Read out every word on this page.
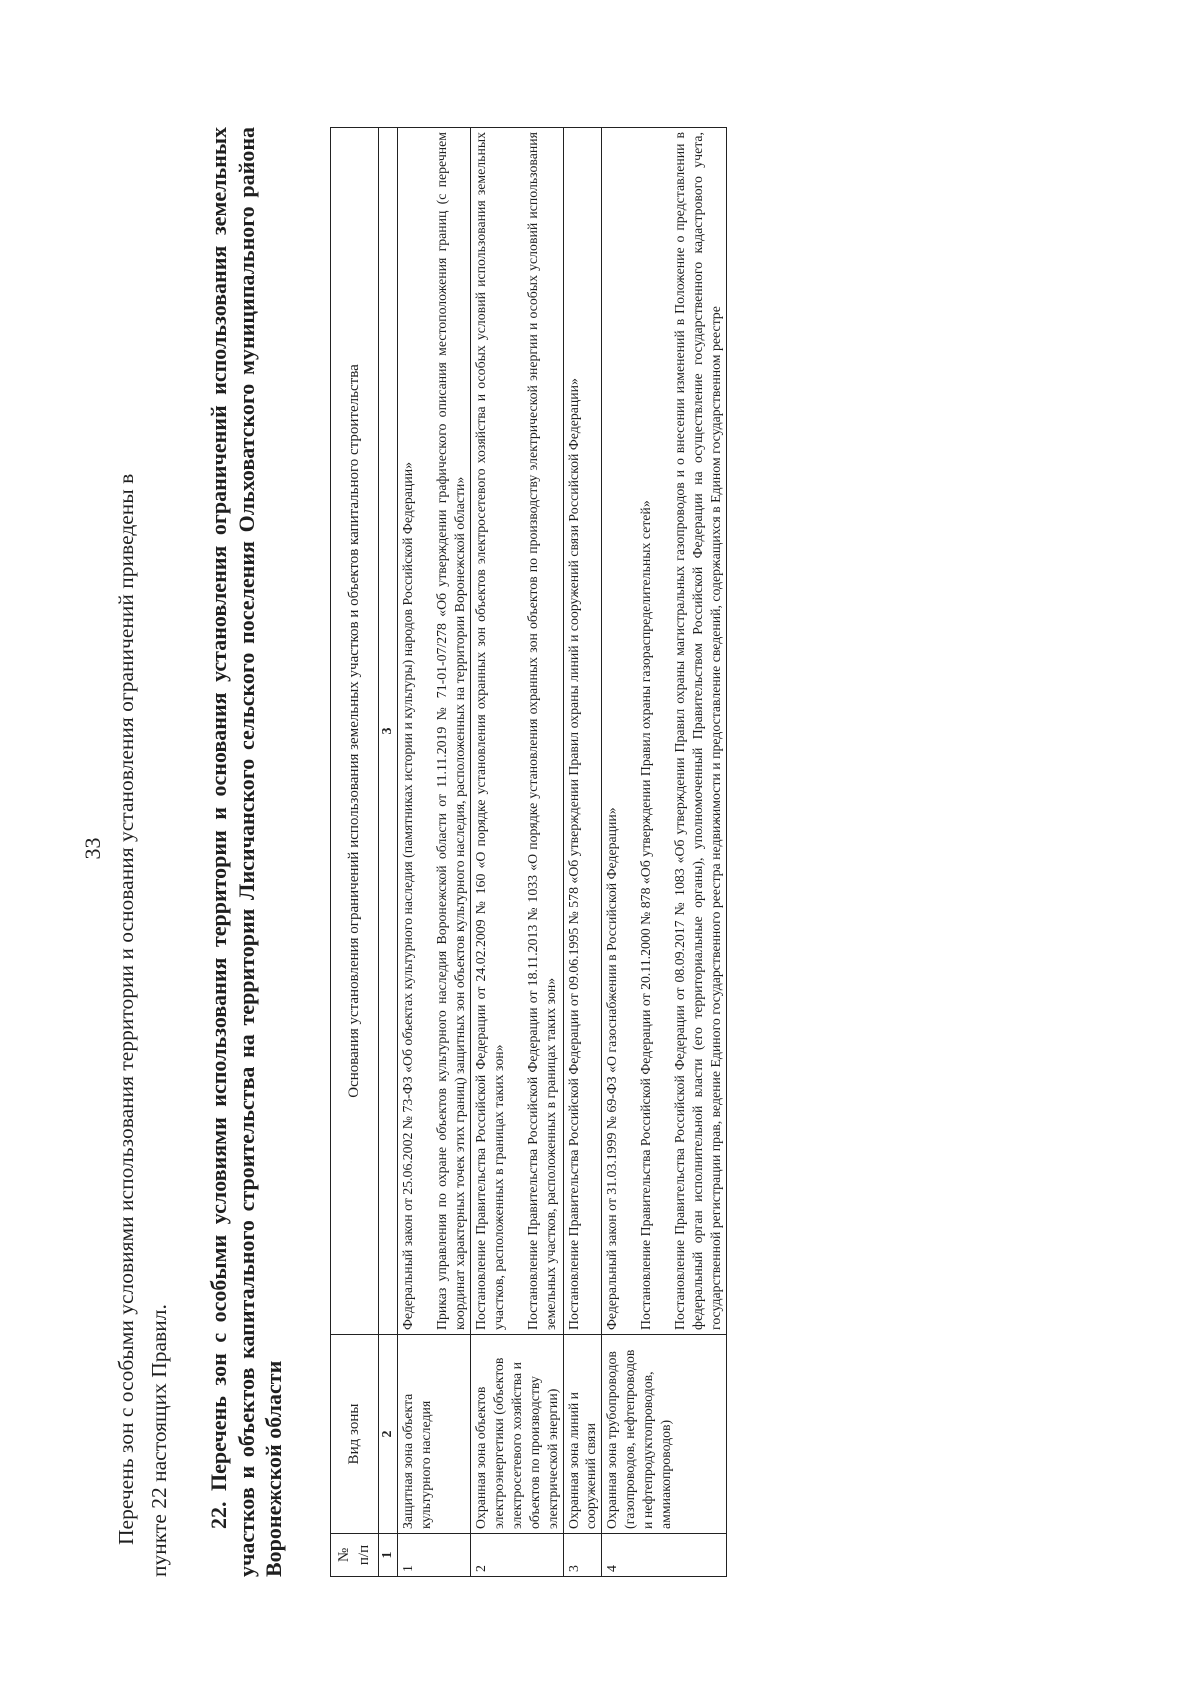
33 Перечень зон с особыми условиями использования территории и основания установления ограничений приведены в пункте 22 настоящих Правил. 22. Перечень зон с особыми условиями использования территории и основания установления ограничений использования земельных участков и объектов капитального строительства на территории Лисичанского сельского поселения Ольховатского муниципального района Воронежской области	№ п/п	Вид зоны	Основания установления ограничений использования земельных участков и объектов капитального строительства
1	2	3
1	Защитная зона объекта культурного наследия	Федеральный закон от 25.06.2002 № 73-ФЗ «Об объектах культурного наследия (памятниках истории и культуры) народов Российской Федерации» Приказ управления по охране объектов культурного наследия Воронежской области от 11.11.2019 № 71-01-07/278 «Об утверждении графического описания местоположения границ (с перечнем координат характерных точек этих границ) защитных зон объектов культурного наследия, расположенных на территории Воронежской области»

2	Охранная зона объектов электроэнергетики (объектов электросетевого хозяйства и объектов по производству электрической энергии)	Постановление Правительства Российской Федерации от 24.02.2009 № 160 «О порядке установления охранных зон объектов электросетевого хозяйства и особых условий использования земельных участков, расположенных в границах таких зон» Постановление Правительства Российской Федерации от 18.11.2013 № 1033 «О порядке установления охранных зон объектов по производству электрической энергии и особых условий использования земельных участков, расположенных в границах таких зон»

3	Охранная зона линий и сооружений связи	Постановление Правительства Российской Федерации от 09.06.1995 № 578 «Об утверждении Правил охраны линий и сооружений связи Российской Федерации»

4	Охранная зона трубопроводов (газопроводов, нефтепроводов и нефтепродуктопроводов, аммиакопроводов)	Федеральный закон от 31.03.1999 № 69-ФЗ «О газоснабжении в Российской Федерации» Постановление Правительства Российской Федерации от 20.11.2000 № 878 «Об утверждении Правил охраны газораспределительных сетей» Постановление Правительства Российской Федерации от 08.09.2017 № 1083 «Об утверждении Правил охраны магистральных газопроводов и о внесении изменений в Положение о представлении в федеральный орган исполнительной власти (его территориальные органы), уполномоченный Правительством Российской Федерации на осуществление государственного кадастрового учета, государственной регистрации прав, ведение Единого государственного реестра недвижимости и предоставление сведений, содержащихся в Едином государственном реестре
